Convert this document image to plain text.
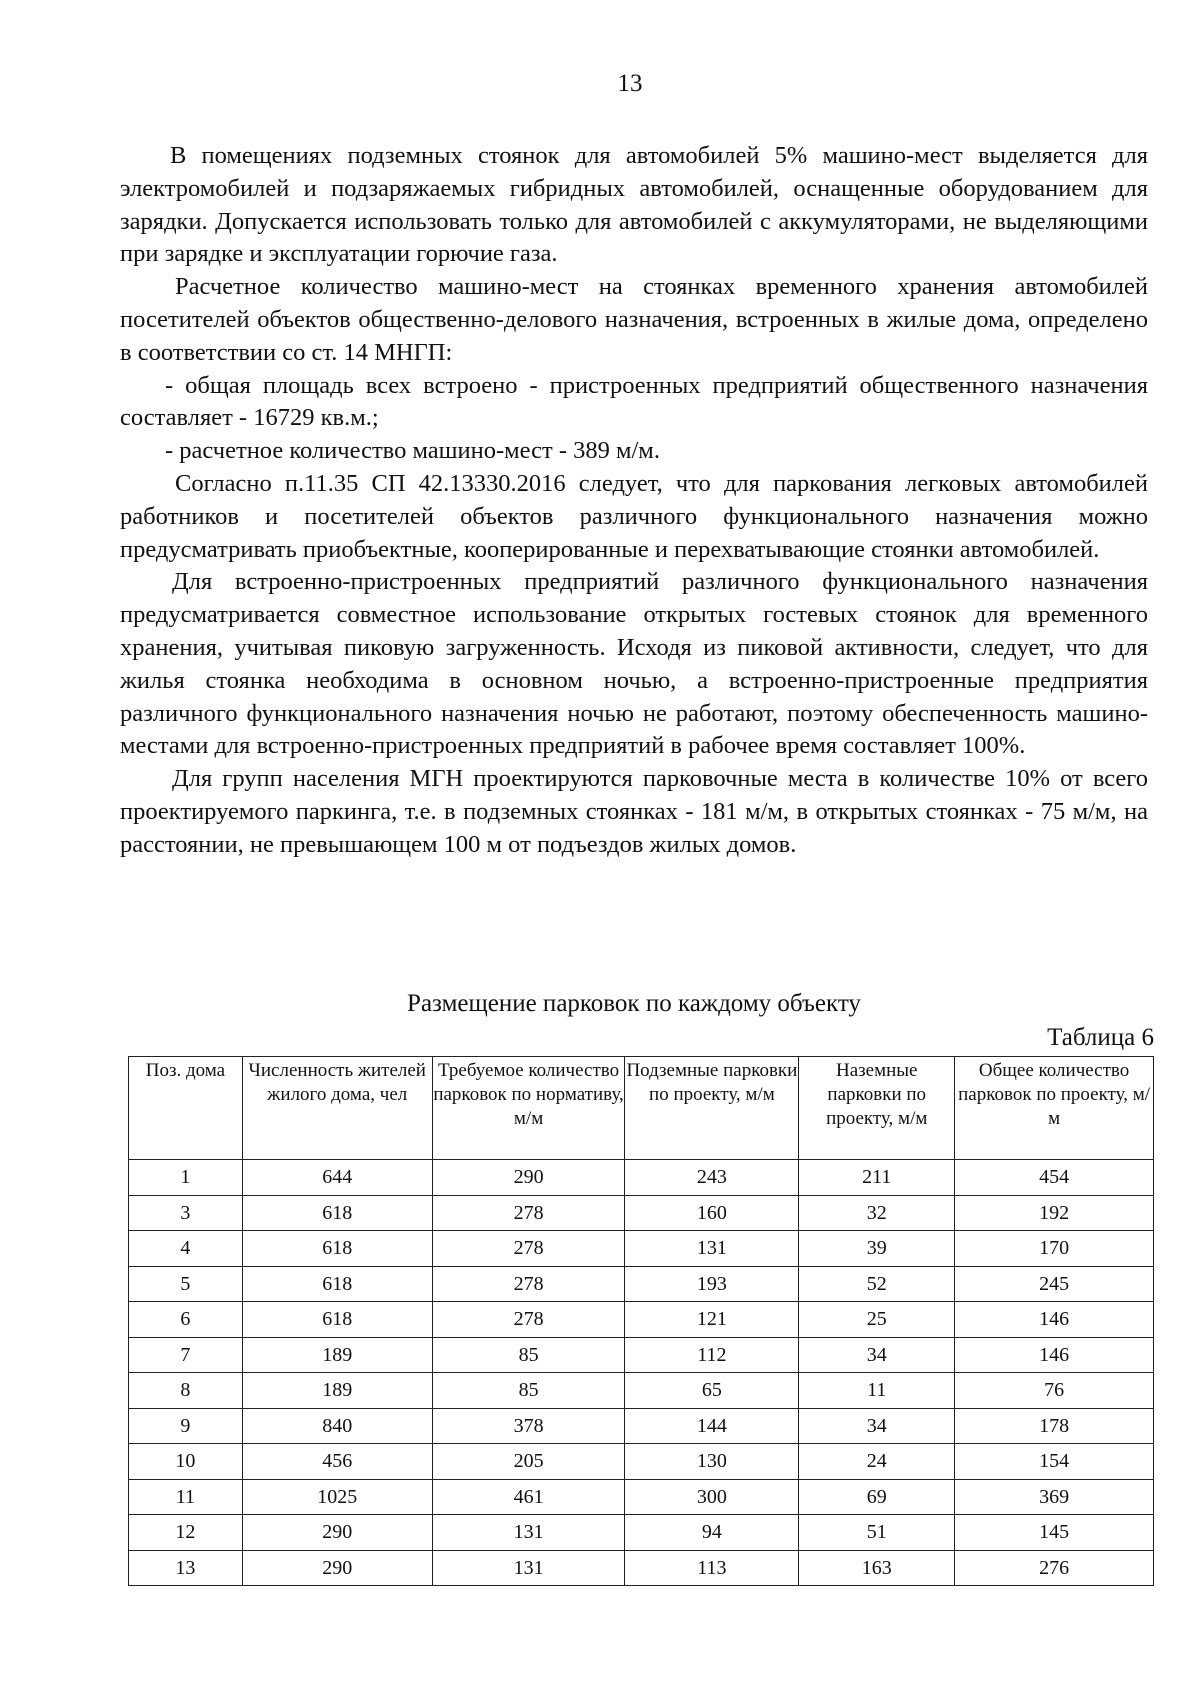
13

В помещениях подземных стоянок для автомобилей 5% машино-мест выделяется для электромобилей и подзаряжаемых гибридных автомобилей, оснащенные оборудованием для зарядки. Допускается использовать только для автомобилей с аккумуляторами, не выделяющими при зарядке и эксплуатации горючие газа.

Расчетное количество машино-мест на стоянках временного хранения автомобилей посетителей объектов общественно-делового назначения, встроенных в жилые дома, определено в соответствии со ст. 14 МНГП:

- общая площадь всех встроено - пристроенных предприятий общественного назначения составляет - 16729 кв.м.;

- расчетное количество машино-мест - 389 м/м.

Согласно п.11.35 СП 42.13330.2016 следует, что для паркования легковых автомобилей работников и посетителей объектов различного функционального назначения можно предусматривать приобъектные, кооперированные и перехватывающие стоянки автомобилей.

Для встроенно-пристроенных предприятий различного функционального назначения предусматривается совместное использование открытых гостевых стоянок для временного хранения, учитывая пиковую загруженность. Исходя из пиковой активности, следует, что для жилья стоянка необходима в основном ночью, а встроенно-пристроенные предприятия различного функционального назначения ночью не работают, поэтому обеспеченность машино-местами для встроенно-пристроенных предприятий в рабочее время составляет 100%.

Для групп населения МГН проектируются парковочные места в количестве 10% от всего проектируемого паркинга, т.е. в подземных стоянках - 181 м/м, в открытых стоянках - 75 м/м, на расстоянии, не превышающем 100 м от подъездов жилых домов.

Размещение парковок по каждому объекту
Таблица 6
Поз. дома	Численность жителей жилого дома, чел	Требуемое количество парковок по нормативу, м/м	Подземные парковки по проекту, м/м	Наземные парковки по проекту, м/м	Общее количество парковок по проекту, м/м
1	644	290	243	211	454
3	618	278	160	32	192
4	618	278	131	39	170
5	618	278	193	52	245
6	618	278	121	25	146
7	189	85	112	34	146
8	189	85	65	11	76
9	840	378	144	34	178
10	456	205	130	24	154
11	1025	461	300	69	369
12	290	131	94	51	145
13	290	131	113	163	276
